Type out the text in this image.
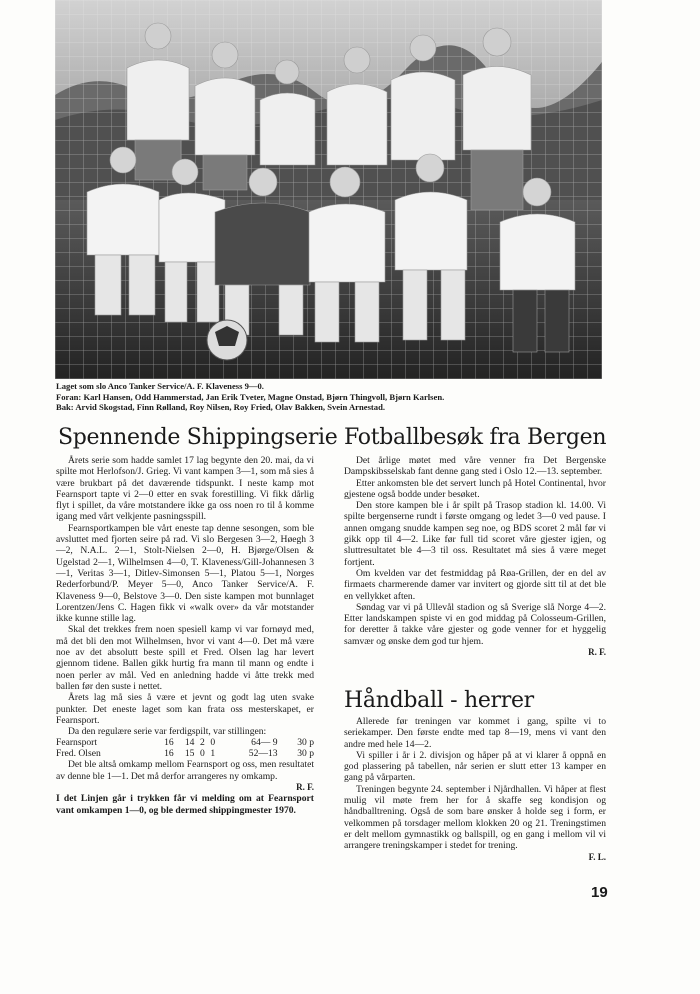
Laget som slo Anco Tanker Service/A. F. Klaveness 9—0.
Foran: Karl Hansen, Odd Hammerstad, Jan Erik Tveter, Magne Onstad, Bjørn Thingvoll, Bjørn Karlsen.
Bak: Arvid Skogstad, Finn Rølland, Roy Nilsen, Roy Fried, Olav Bakken, Svein Arnestad.
Spennende Shippingserie

Årets serie som hadde samlet 17 lag begynte den 20. mai, da vi spilte mot Herlofson/J. Grieg. Vi vant kampen 3—1, som må sies å være brukbart på det daværende tidspunkt. I neste kamp mot Fearnsport tapte vi 2—0 etter en svak forestilling. Vi fikk dårlig flyt i spillet, da våre motstandere ikke ga oss noen ro til å komme igang med vårt velkjente pasningsspill.

Fearnsportkampen ble vårt eneste tap denne sesongen, som ble avsluttet med fjorten seire på rad. Vi slo Bergesen 3—2, Høegh 3—2, N.A.L. 2—1, Stolt-Nielsen 2—0, H. Bjørge/Olsen & Ugelstad 2—1, Wilhelmsen 4—0, T. Klaveness/Gill-Johannesen 3—1, Veritas 3—1, Ditlev-Simonsen 5—1, Platou 5—1, Norges Rederforbund/P. Meyer 5—0, Anco Tanker Service/A. F. Klaveness 9—0, Belstove 3—0. Den siste kampen mot bunnlaget Lorentzen/Jens C. Hagen fikk vi «walk over» da vår motstander ikke kunne stille lag.

Skal det trekkes frem noen spesiell kamp vi var fornøyd med, må det bli den mot Wilhelmsen, hvor vi vant 4—0. Det må være noe av det absolutt beste spill et Fred. Olsen lag har levert gjennom tidene. Ballen gikk hurtig fra mann til mann og endte i noen perler av mål. Ved en anledning hadde vi åtte trekk med ballen før den suste i nettet.

Årets lag må sies å være et jevnt og godt lag uten svake punkter. Det eneste laget som kan frata oss mesterskapet, er Fearnsport.

Da den regulære serie var ferdigspilt, var stillingen:

Fearnsport	16	14	2	0	64— 9	30 p
Fred. Olsen	16	15	0	1	52—13	30 p

Det ble altså omkamp mellom Fearnsport og oss, men resultatet av denne ble 1—1. Det må derfor arrangeres ny omkamp.

R. F.

I det Linjen går i trykken får vi melding om at Fearnsport vant omkampen 1—0, og ble dermed shippingmester 1970.

Fotballbesøk fra Bergen

Det årlige møtet med våre venner fra Det Bergenske Dampskibsselskab fant denne gang sted i Oslo 12.—13. september.

Etter ankomsten ble det servert lunch på Hotel Continental, hvor gjestene også bodde under besøket.

Den store kampen ble i år spilt på Trasop stadion kl. 14.00. Vi spilte bergenserne rundt i første omgang og ledet 3—0 ved pause. I annen omgang snudde kampen seg noe, og BDS scoret 2 mål før vi gikk opp til 4—2. Like før full tid scoret våre gjester igjen, og sluttresultatet ble 4—3 til oss. Resultatet må sies å være meget fortjent.

Om kvelden var det festmiddag på Røa-Grillen, der en del av firmaets charmerende damer var invitert og gjorde sitt til at det ble en vellykket aften.

Søndag var vi på Ullevål stadion og så Sverige slå Norge 4—2. Etter landskampen spiste vi en god middag på Colosseum-Grillen, for deretter å takke våre gjester og gode venner for et hyggelig samvær og ønske dem god tur hjem.

R. F.
Håndball - herrer

Allerede før treningen var kommet i gang, spilte vi to seriekamper. Den første endte med tap 8—19, mens vi vant den andre med hele 14—2.

Vi spiller i år i 2. divisjon og håper på at vi klarer å oppnå en god plassering på tabellen, når serien er slutt etter 13 kamper en gang på vårparten.

Treningen begynte 24. september i Njårdhallen. Vi håper at flest mulig vil møte frem her for å skaffe seg kondisjon og håndballtrening. Også de som bare ønsker å holde seg i form, er velkommen på torsdager mellom klokken 20 og 21. Treningstimen er delt mellom gymnastikk og ballspill, og en gang i mellom vil vi arrangere treningskamper i stedet for trening.

F. L.
19
